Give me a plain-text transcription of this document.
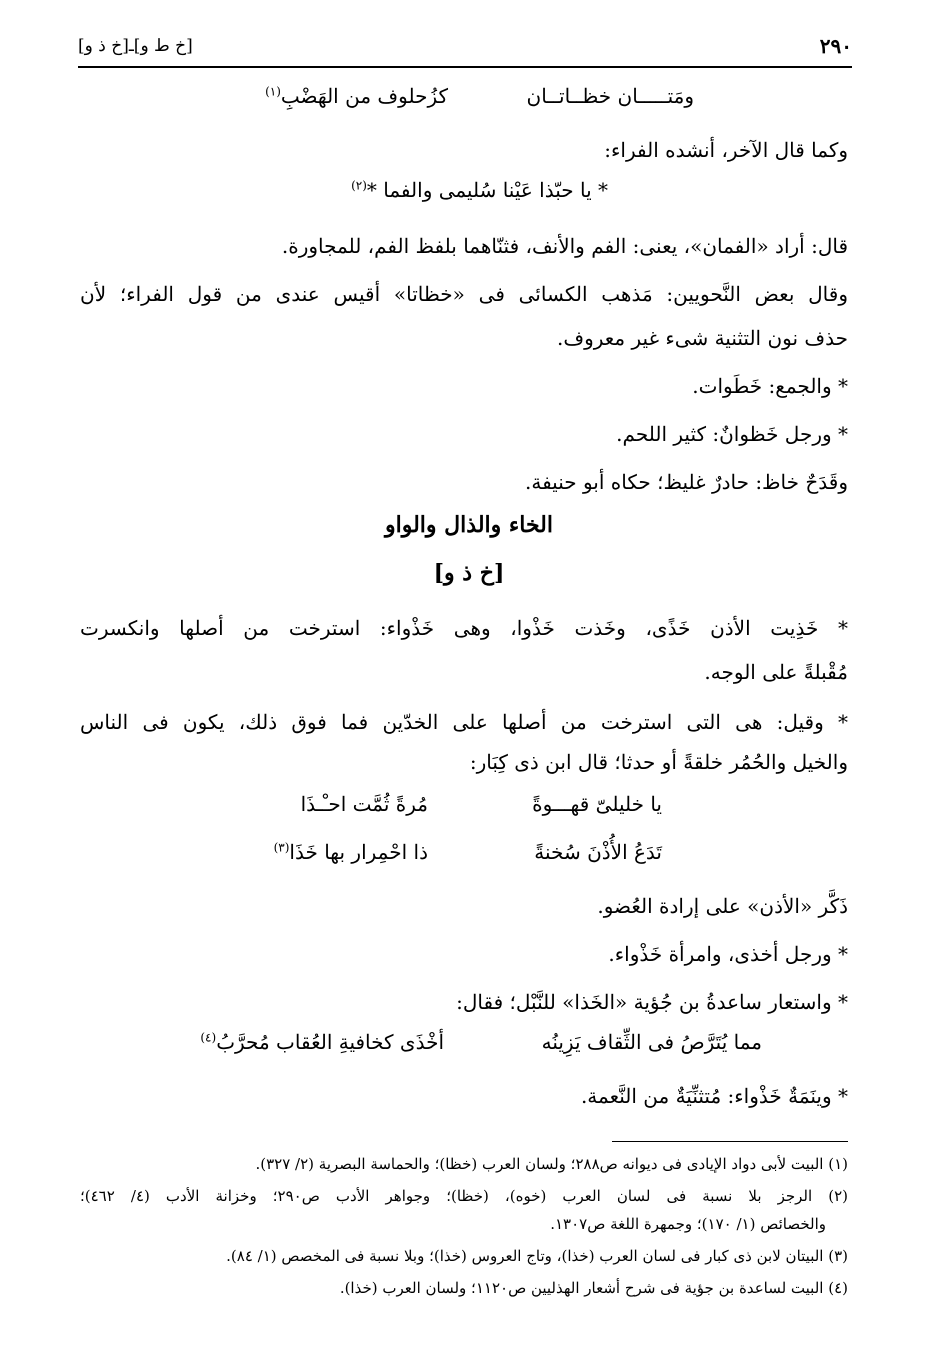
٢٩٠
[خ ط و]ـ[خ ذ و]
ومَتـــــان خظــاتــان
كزُحلوف من الهَضْبِ$^{(١)}$
وكما قال الآخر، أنشده الفراء:
* يا حبّذا عَيْنا سُليمى والفما *$^{(٢)}$
قال: أراد «الفمان»، يعنى: الفم والأنف، فثنّاهما بلفظ الفم، للمجاورة.
وقال بعض النَّحويين: مَذهب الكسائى فى «خظاتا» أقيس عندى من قول الفراء؛ لأن
حذف نون التثنية شىء غير معروف.
* والجمع: خَطَوات.
* ورجل خَظوانٌ: كثير اللحم.
وقَدَحٌ خاظ: حادرٌ غليظ؛ حكاه أبو حنيفة.
الخاء والذال والواو
[خ ذ و]
* خَذِيت الأذن خَذًى، وخَذت خَذْوا، وهى خَذْواء: استرخت من أصلها وانكسرت
مُقْبلةً على الوجه.
* وقيل: هى التى استرخت من أصلها على الخدّين فما فوق ذلك، يكون فى الناس
والخيل والحُمُر خلقةً أو حدثا؛ قال ابن ذى كِبَار:
يا خليلىّ قهـــوةً
مُرةً ثُمَّت احـْـذَا
تَدَعُ الأُذْنَ سُخنةً
ذا احْمِرار بها خَذَا$^{(٣)}$
ذَكَّر «الأذن» على إرادة العُضو.
* ورجل أخذى، وامرأة خَذْواء.
* واستعار ساعدةُ بن جُؤية «الخَذا» للنَّبْل؛ فقال:
مما يُتَرَّصُ فى الثِّقاف يَزِينُه
أخْذَى كخافيةِ العُقاب مُحرَّبُ$^{(٤)}$
* وينَمَةٌ خَذْواء: مُتثنِّيَةٌ من النَّعمة.
(١) البيت لأبى دواد الإيادى فى ديوانه ص٢٨٨؛ ولسان العرب (خظا)؛ والحماسة البصرية (٢/ ٣٢٧).
(٢) الرجز بلا نسبة فى لسان العرب (خوه)، (خظا)؛ وجواهر الأدب ص٢٩٠؛ وخزانة الأدب (٤/ ٤٦٢)؛
والخصائص (١/ ١٧٠)؛ وجمهرة اللغة ص١٣٠٧.
(٣) البيتان لابن ذى كبار فى لسان العرب (خذا)، وتاج العروس (خذا)؛ وبلا نسبة فى المخصص (١/ ٨٤).
(٤) البيت لساعدة بن جؤية فى شرح أشعار الهذليين ص١١٢٠؛ ولسان العرب (خذا).
